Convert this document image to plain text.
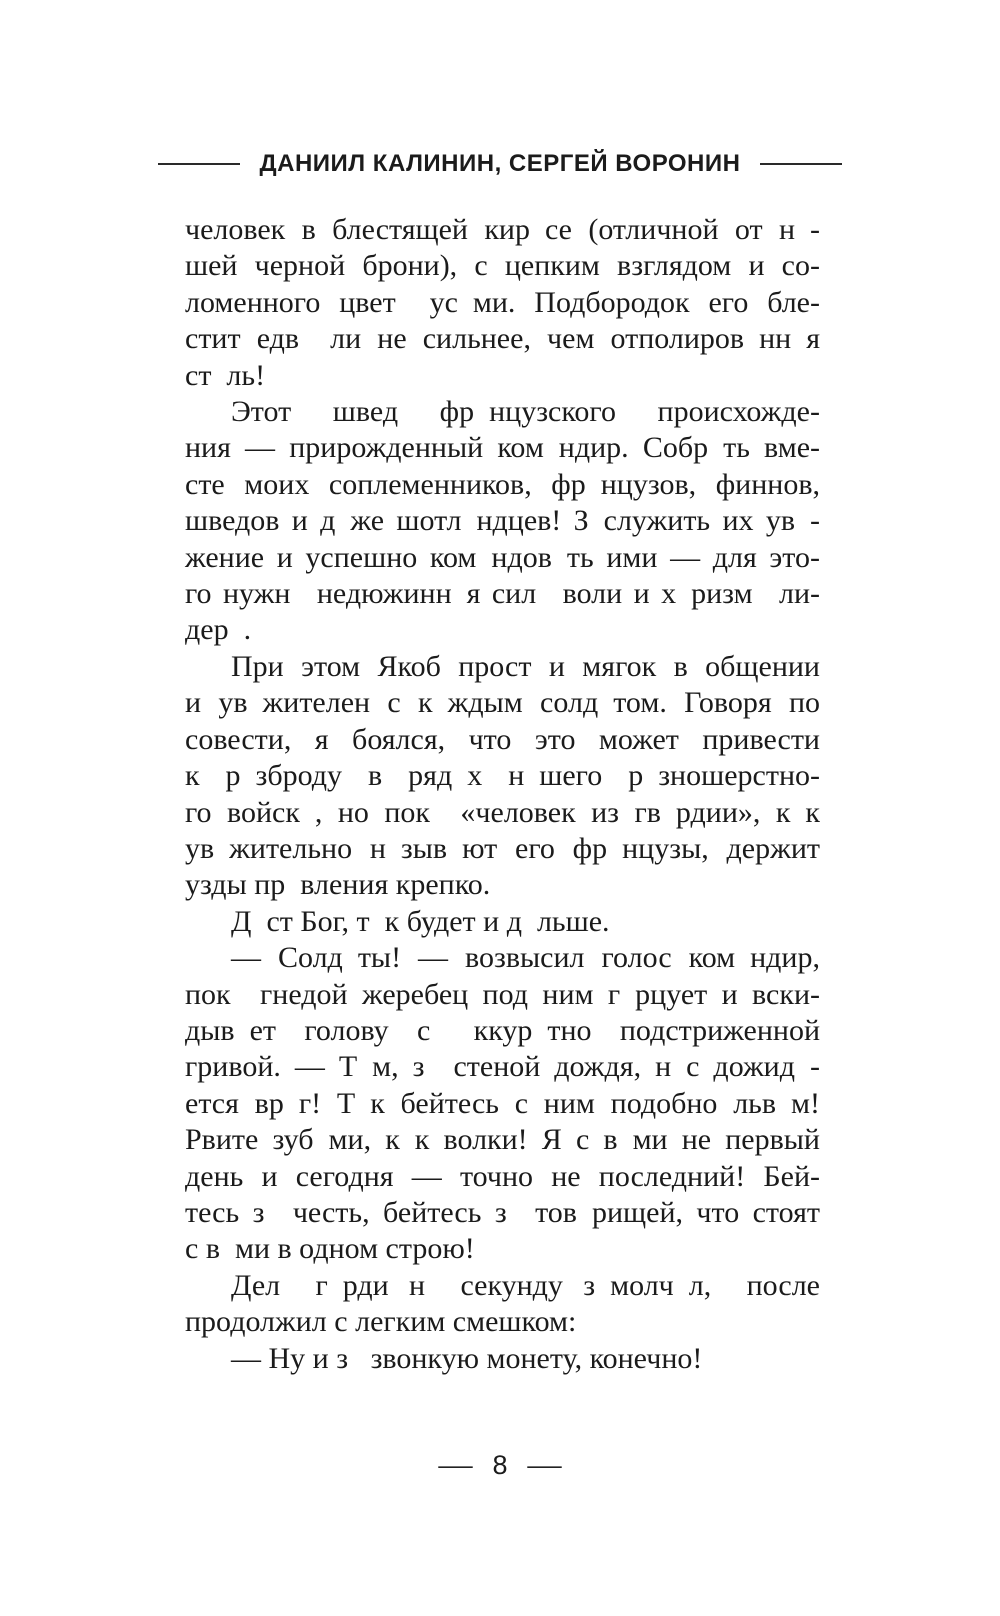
ДАНИИЛ КАЛИНИН, СЕРГЕЙ ВОРОНИН
человек в блестящей кир се (отличной от н -
шей черной брони), с цепким взглядом и со-
ломенного цвет  ус ми. Подбородок его бле-
стит едв  ли не сильнее, чем отполиров нн я
ст ль!
Этот швед фр нцузского происхожде-
ния — прирожденный ком ндир. Собр ть вме-
сте моих соплеменников, фр нцузов, финнов,
шведов и д же шотл ндцев! З служить их ув -
жение и успешно ком ндов ть ими — для это-
го нужн  недюжинн я сил  воли и х ризм  ли-
дер .
При этом Якоб прост и мягок в общении
и ув жителен с к ждым солд том. Говоря по
совести, я боялся, что это может привести
к р зброду в ряд х н шего р зношерстно-
го войск , но пок  «человек из гв рдии», к к
ув жительно н зыв ют его фр нцузы, держит
узды пр вления крепко.
Д ст Бог, т к будет и д льше.
— Солд ты! — возвысил голос ком ндир,
пок  гнедой жеребец под ним г рцует и вски-
дыв ет голову с  ккур тно подстриженной
гривой. — Т м, з  стеной дождя, н с дожид -
ется вр г! Т к бейтесь с ним подобно льв м!
Рвите зуб ми, к к волки! Я с в ми не первый
день и сегодня — точно не последний! Бей-
тесь з  честь, бейтесь з  тов рищей, что стоят
с в ми в одном строю!
Дел  г рди н  секунду з молч л,  после
продолжил с легким смешком:
— Ну и з  звонкую монету, конечно!
— 8 —
